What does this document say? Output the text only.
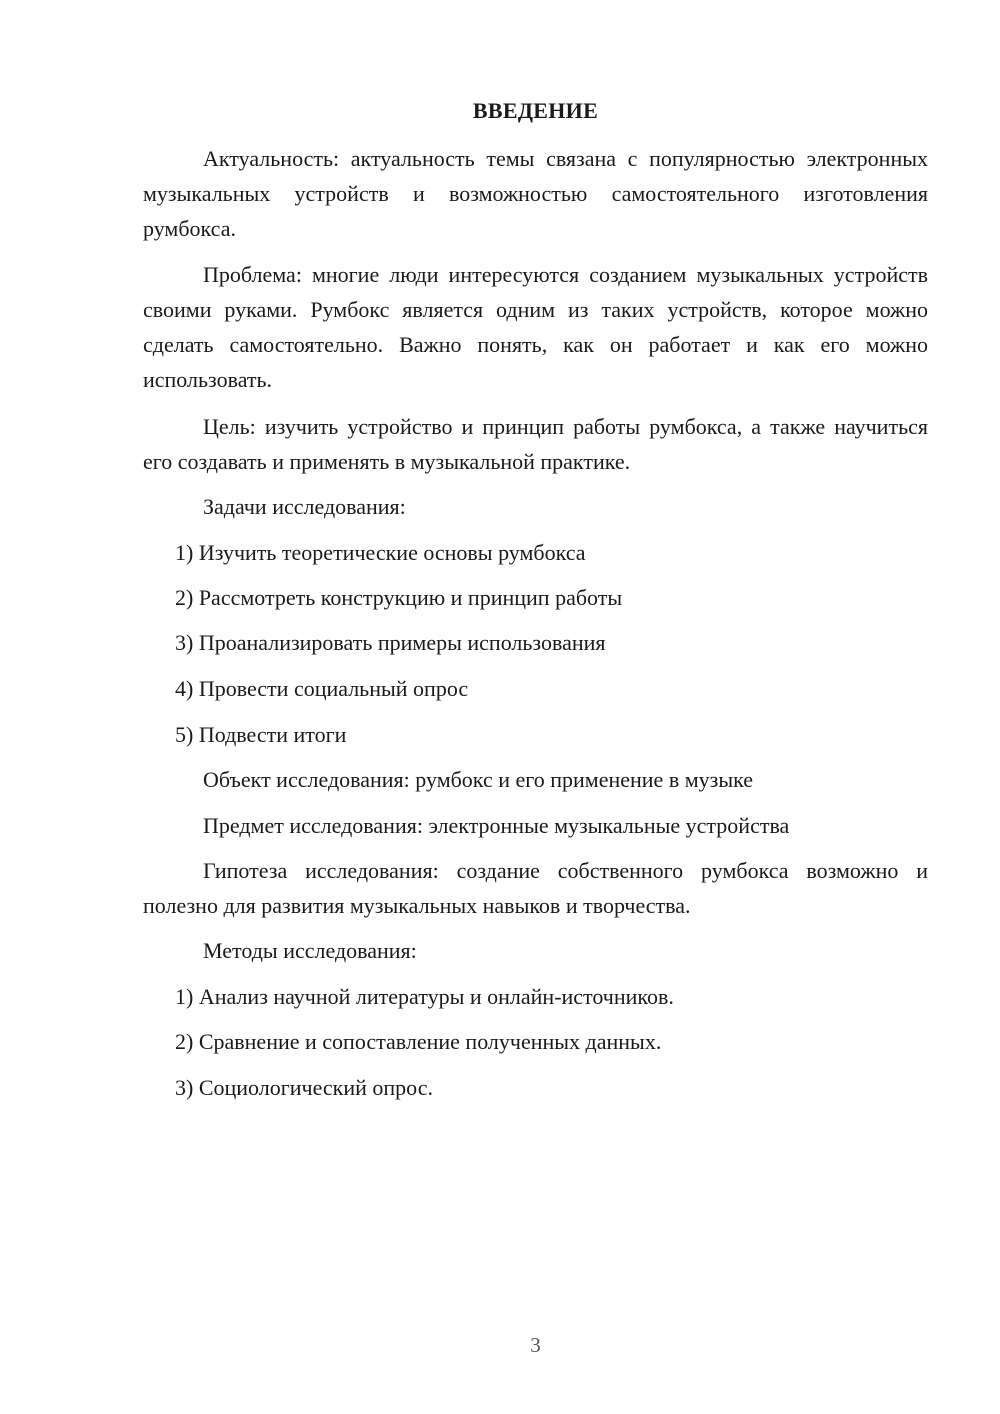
ВВЕДЕНИЕ
Актуальность: актуальность темы связана с популярностью электронных музыкальных устройств и возможностью самостоятельного изготовления румбокса.
Проблема: многие люди интересуются созданием музыкальных устройств своими руками. Румбокс является одним из таких устройств, которое можно сделать самостоятельно. Важно понять, как он работает и как его можно использовать.
Цель: изучить устройство и принцип работы румбокса, а также научиться его создавать и применять в музыкальной практике.
Задачи исследования:
1) Изучить теоретические основы румбокса
2) Рассмотреть конструкцию и принцип работы
3) Проанализировать примеры использования
4) Провести социальный опрос
5) Подвести итоги
Объект исследования: румбокс и его применение в музыке
Предмет исследования: электронные музыкальные устройства
Гипотеза исследования: создание собственного румбокса возможно и полезно для развития музыкальных навыков и творчества.
Методы исследования:
1) Анализ научной литературы и онлайн-источников.
2) Сравнение и сопоставление полученных данных.
3) Социологический опрос.
3
